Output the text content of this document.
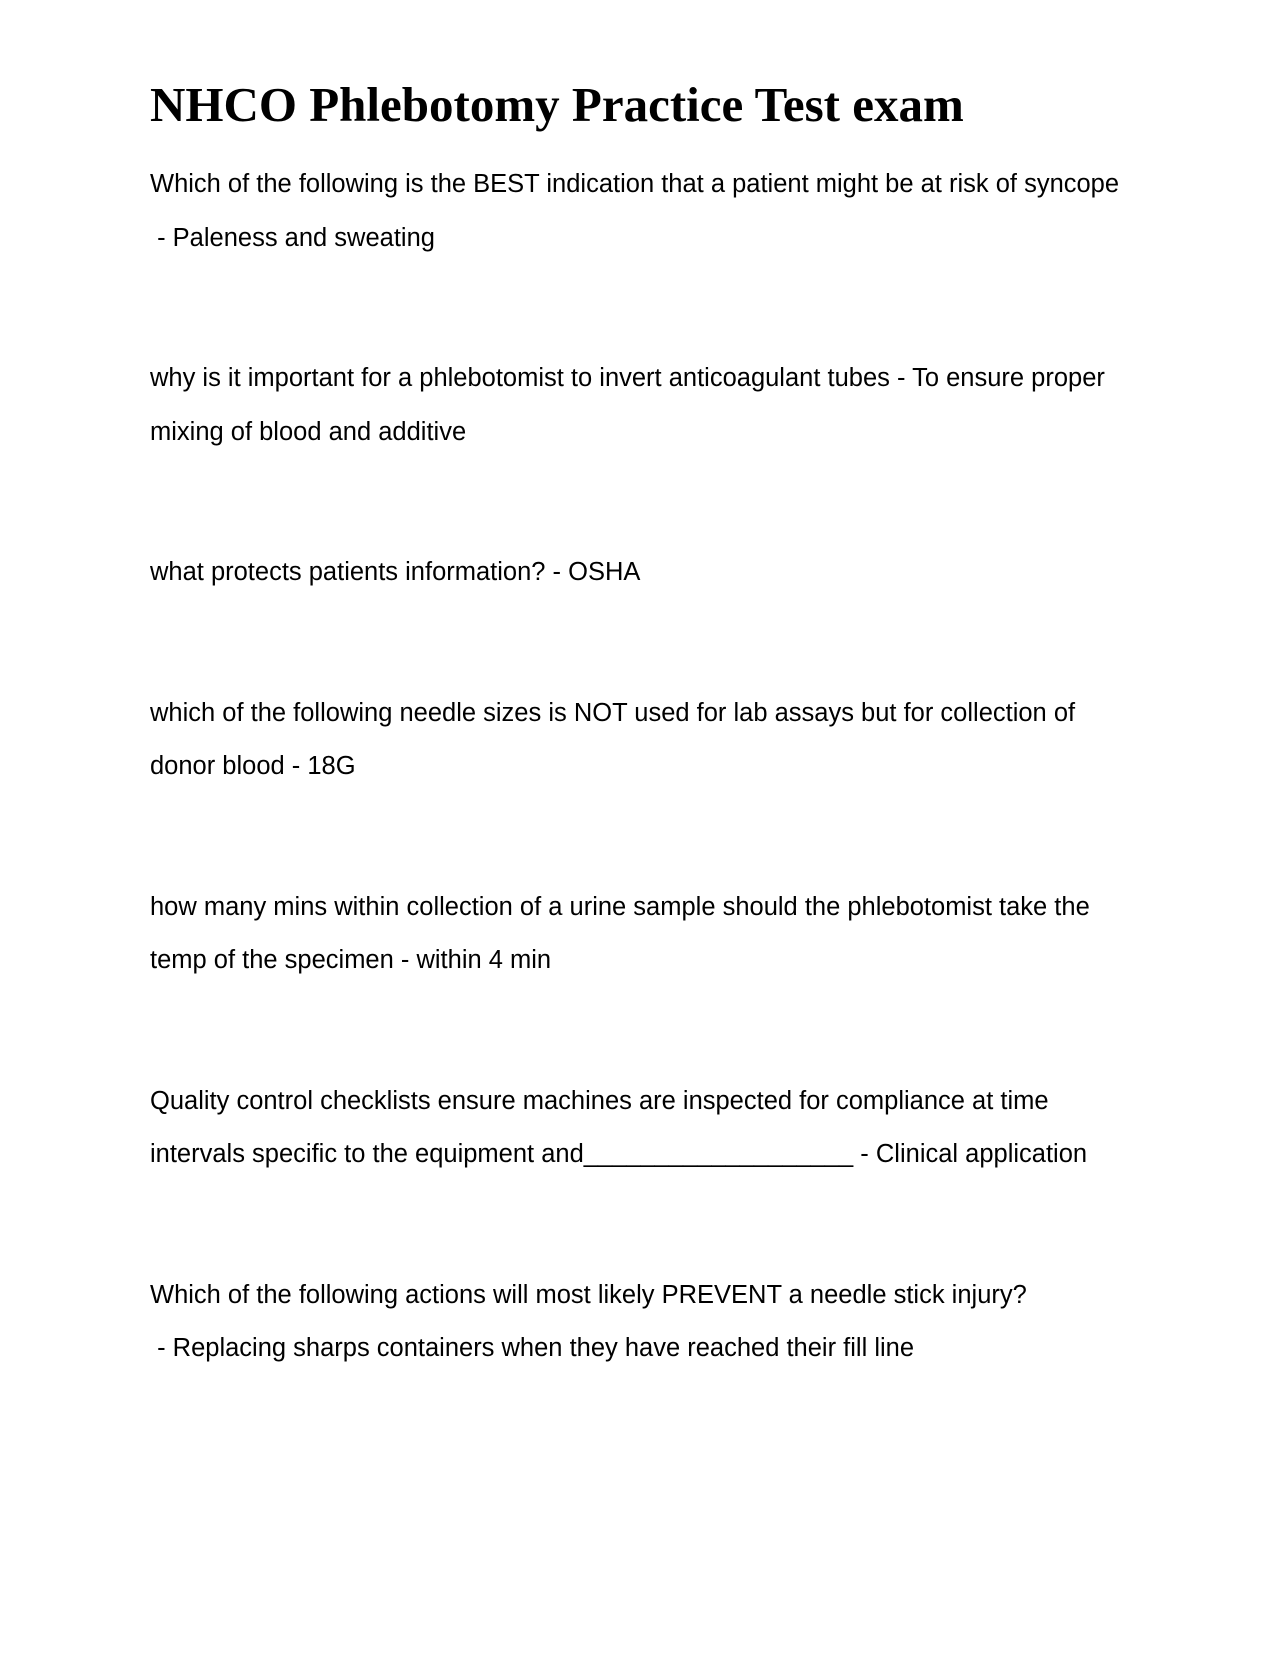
NHCO Phlebotomy Practice Test exam

Which of the following is the BEST indication that a patient might be at risk of syncope - Paleness and sweating

why is it important for a phlebotomist to invert anticoagulant tubes - To ensure proper mixing of blood and additive

what protects patients information? - OSHA

which of the following needle sizes is NOT used for lab assays but for collection of donor blood - 18G

how many mins within collection of a urine sample should the phlebotomist take the temp of the specimen - within 4 min

Quality control checklists ensure machines are inspected for compliance at time intervals specific to the equipment and___________________ - Clinical application

Which of the following actions will most likely PREVENT a needle stick injury? - Replacing sharps containers when they have reached their fill line
